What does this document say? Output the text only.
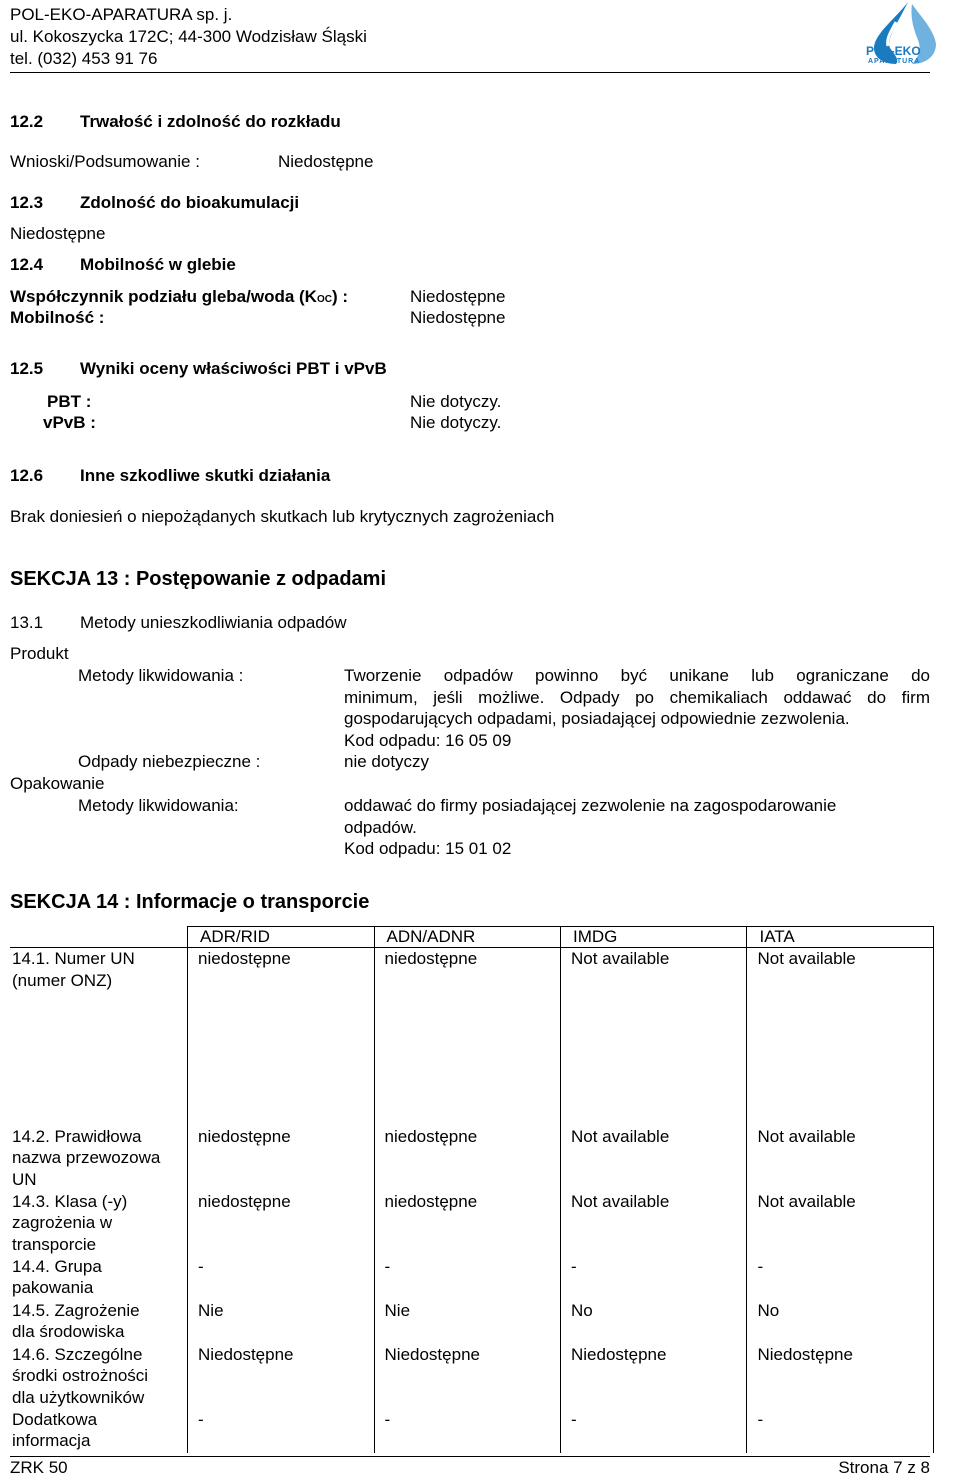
POL-EKO-APARATURA sp. j.
ul. Kokoszycka 172C; 44-300 Wodzisław Śląski
tel. (032) 453 91 76	POL-EKO
APARATURA
12.2 Trwałość i zdolność do rozkładu
Wnioski/Podsumowanie :	Niedostępne
12.3 Zdolność do bioakumulacji
Niedostępne
12.4 Mobilność w glebie
Współczynnik podziału gleba/woda (KOC) :	Niedostępne
Mobilność :	Niedostępne
12.5 Wyniki oceny właściwości PBT i vPvB
PBT :	Nie dotyczy.
vPvB :	Nie dotyczy.
12.6 Inne szkodliwe skutki działania
Brak doniesień o niepożądanych skutkach lub krytycznych zagrożeniach
SEKCJA 13 : Postępowanie z odpadami
13.1 Metody unieszkodliwiania odpadów
Produkt
Metody likwidowania :	Tworzenie odpadów powinno być unikane lub ograniczane do
minimum, jeśli możliwe. Odpady po chemikaliach oddawać do firm
gospodarujących odpadami, posiadającej odpowiednie zezwolenia.
Kod odpadu: 16 05 09
Odpady niebezpieczne :	nie dotyczy
Opakowanie
Metody likwidowania:	oddawać do firmy posiadającej zezwolenie na zagospodarowanie
odpadów.
Kod odpadu: 15 01 02
SEKCJA 14 : Informacje o transporcie
	ADR/RID	ADN/ADNR	IMDG	IATA

14.1. Numer UN
(numer ONZ)	niedostępne	niedostępne	Not available	Not available

14.2. Prawidłowa
nazwa przewozowa
UN	niedostępne	niedostępne	Not available	Not available

14.3. Klasa (-y)
zagrożenia w
transporcie	niedostępne	niedostępne	Not available	Not available

14.4. Grupa
pakowania	-	-	-	-

14.5. Zagrożenie
dla środowiska	Nie	Nie	No	No

14.6. Szczególne
środki ostrożności
dla użytkowników	Niedostępne	Niedostępne	Niedostępne	Niedostępne

Dodatkowa
informacja	-	-	-	-
ZRK 50	Strona 7 z 8
